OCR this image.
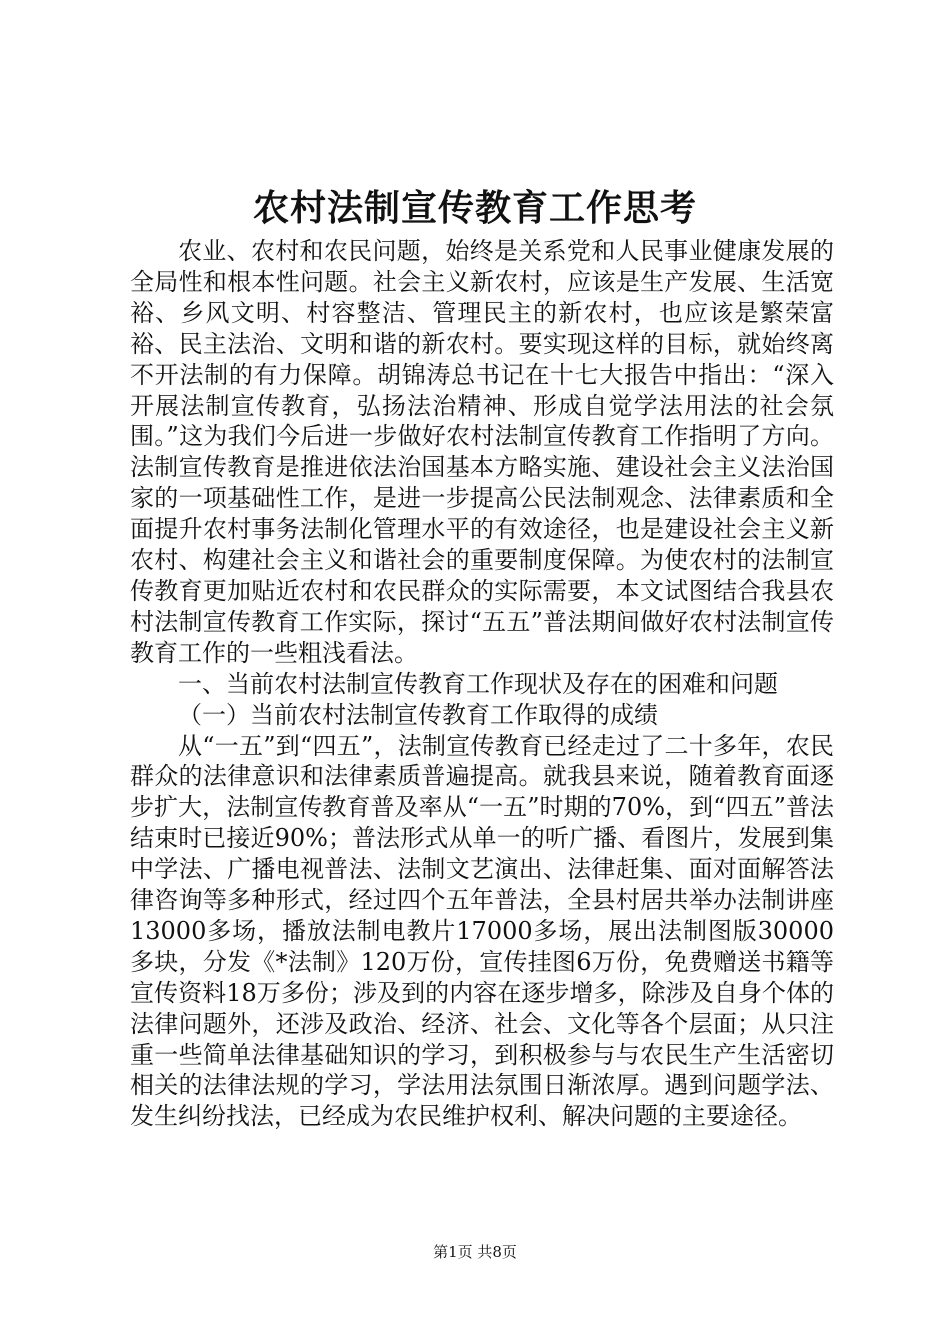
农村法制宣传教育工作思考

农业、农村和农民问题，始终是关系党和人民事业健康发展的全局性和根本性问题。社会主义新农村，应该是生产发展、生活宽裕、乡风文明、村容整洁、管理民主的新农村，也应该是繁荣富裕、民主法治、文明和谐的新农村。要实现这样的目标，就始终离不开法制的有力保障。胡锦涛总书记在十七大报告中指出：“深入开展法制宣传教育，弘扬法治精神、形成自觉学法用法的社会氛围。”这为我们今后进一步做好农村法制宣传教育工作指明了方向。法制宣传教育是推进依法治国基本方略实施、建设社会主义法治国家的一项基础性工作，是进一步提高公民法制观念、法律素质和全面提升农村事务法制化管理水平的有效途径，也是建设社会主义新农村、构建社会主义和谐社会的重要制度保障。为使农村的法制宣传教育更加贴近农村和农民群众的实际需要，本文试图结合我县农村法制宣传教育工作实际，探讨“五五”普法期间做好农村法制宣传教育工作的一些粗浅看法。

一、当前农村法制宣传教育工作现状及存在的困难和问题

（一）当前农村法制宣传教育工作取得的成绩

从“一五”到“四五”，法制宣传教育已经走过了二十多年，农民群众的法律意识和法律素质普遍提高。就我县来说，随着教育面逐步扩大，法制宣传教育普及率从“一五”时期的70%，到“四五”普法结束时已接近90%；普法形式从单一的听广播、看图片，发展到集中学法、广播电视普法、法制文艺演出、法律赶集、面对面解答法律咨询等多种形式，经过四个五年普法，全县村居共举办法制讲座13000多场，播放法制电教片17000多场，展出法制图版30000多块，分发《*法制》120万份，宣传挂图6万份，免费赠送书籍等宣传资料18万多份；涉及到的内容在逐步增多，除涉及自身个体的法律问题外，还涉及政治、经济、社会、文化等各个层面；从只注重一些简单法律基础知识的学习，到积极参与与农民生产生活密切相关的法律法规的学习，学法用法氛围日渐浓厚。遇到问题学法、发生纠纷找法，已经成为农民维护权利、解决问题的主要途径。

第1页 共8页
